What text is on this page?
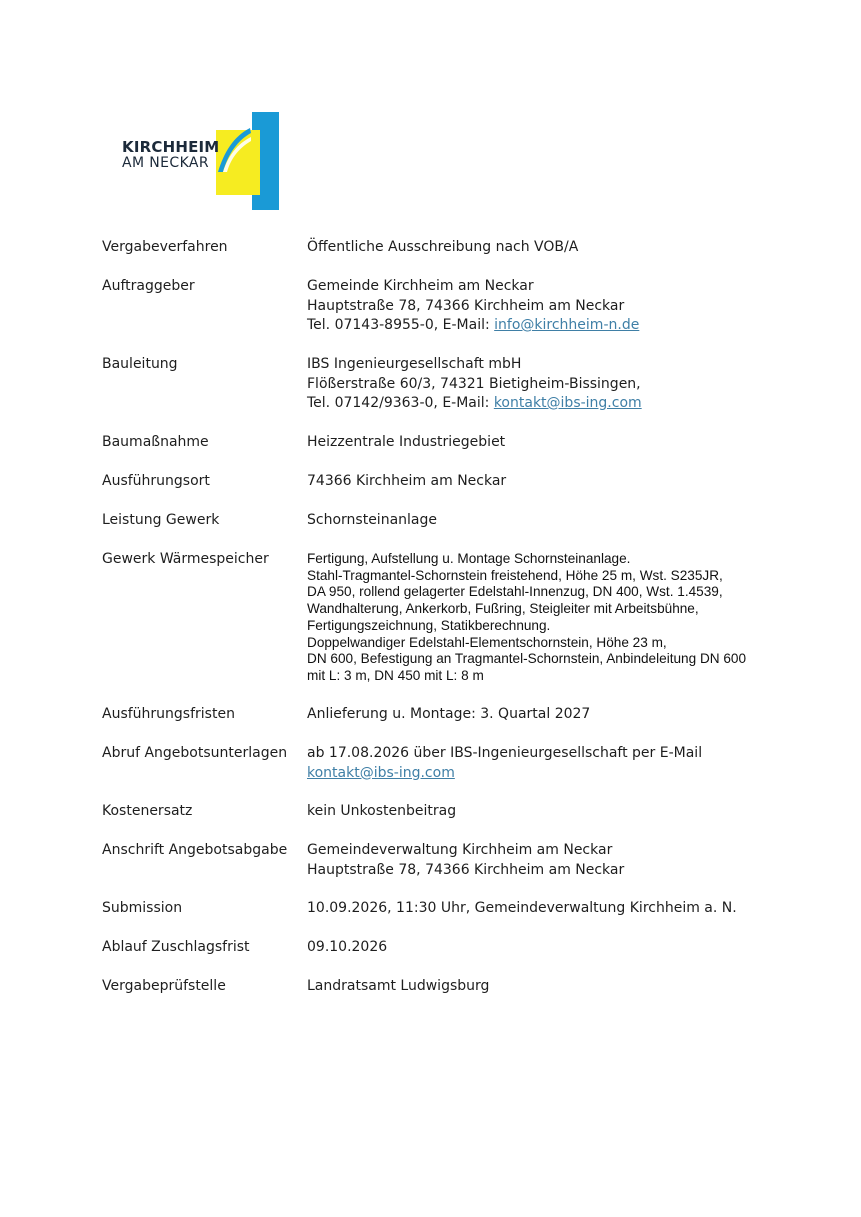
KIRCHHEIM
AM NECKAR
Vergabeverfahren	Öffentliche Ausschreibung nach VOB/A
Auftraggeber	Gemeinde Kirchheim am Neckar
Hauptstraße 78, 74366 Kirchheim am Neckar
Tel. 07143-8955-0, E-Mail: info@kirchheim-n.de
Bauleitung	IBS Ingenieurgesellschaft mbH
Flößerstraße 60/3, 74321 Bietigheim-Bissingen,
Tel. 07142/9363-0, E-Mail: kontakt@ibs-ing.com
Baumaßnahme	Heizzentrale Industriegebiet
Ausführungsort	74366 Kirchheim am Neckar
Leistung Gewerk	Schornsteinanlage
Gewerk Wärmespeicher	Fertigung, Aufstellung u. Montage Schornsteinanlage.
Stahl-Tragmantel-Schornstein freistehend, Höhe 25 m, Wst. S235JR,
DA 950, rollend gelagerter Edelstahl-Innenzug, DN 400, Wst. 1.4539,
Wandhalterung, Ankerkorb, Fußring, Steigleiter mit Arbeitsbühne,
Fertigungszeichnung, Statikberechnung.
Doppelwandiger Edelstahl-Elementschornstein, Höhe 23 m,
DN 600, Befestigung an Tragmantel-Schornstein, Anbindeleitung DN 600
mit L: 3 m, DN 450 mit L: 8 m
Ausführungsfristen	Anlieferung u. Montage: 3. Quartal 2027
Abruf Angebotsunterlagen	ab 17.08.2026 über IBS-Ingenieurgesellschaft per E-Mail
kontakt@ibs-ing.com
Kostenersatz	kein Unkostenbeitrag
Anschrift Angebotsabgabe	Gemeindeverwaltung Kirchheim am Neckar
Hauptstraße 78, 74366 Kirchheim am Neckar
Submission	10.09.2026, 11:30 Uhr, Gemeindeverwaltung Kirchheim a. N.
Ablauf Zuschlagsfrist	09.10.2026
Vergabeprüfstelle	Landratsamt Ludwigsburg
